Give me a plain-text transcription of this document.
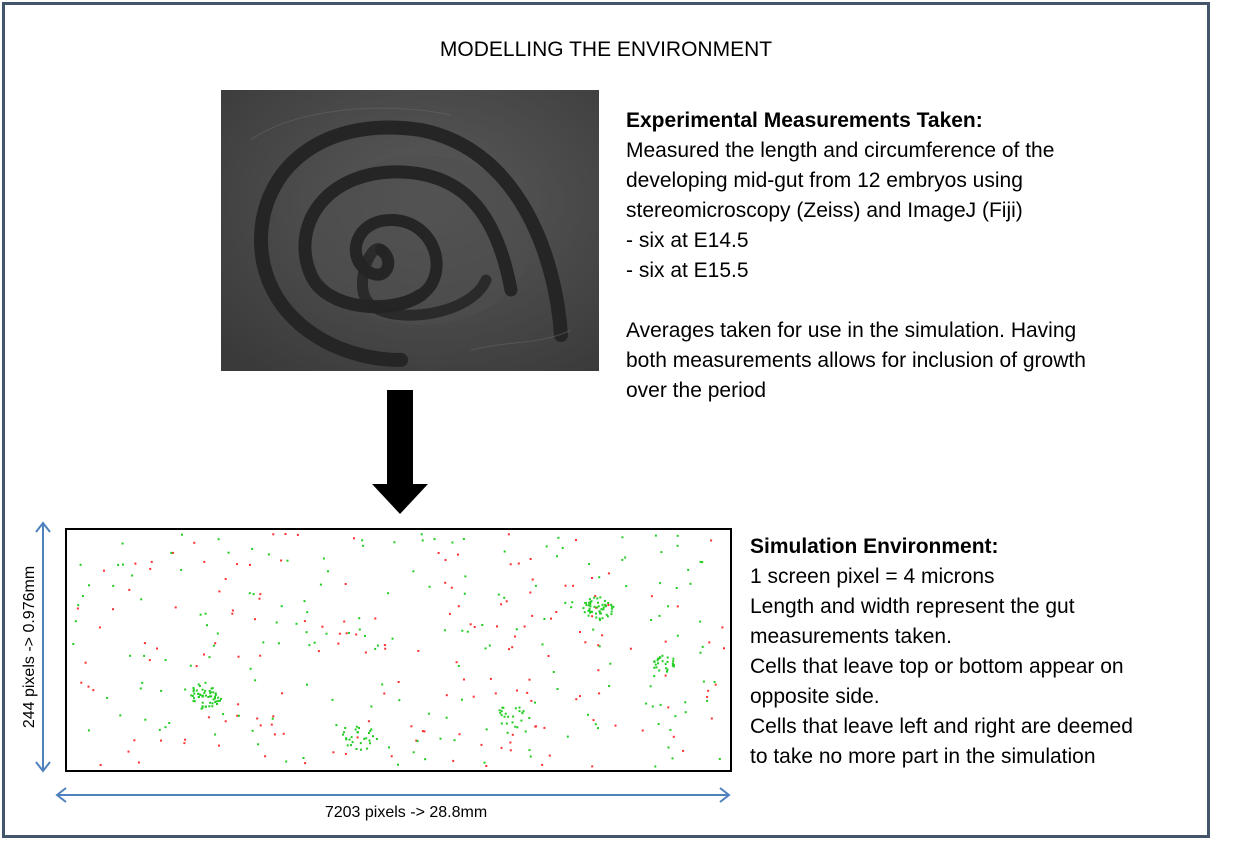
MODELLING THE ENVIRONMENT
Experimental Measurements Taken:
Measured the length and circumference of the
developing mid-gut from 12 embryos using
stereomicroscopy (Zeiss) and ImageJ (Fiji)
- six at E14.5
- six at E15.5

Averages taken for use in the simulation. Having
both measurements allows for inclusion of growth
over the period
244 pixels -> 0.976mm
7203 pixels -> 28.8mm
Simulation Environment:
1 screen pixel = 4 microns
Length and width represent the gut
measurements taken.
Cells that leave top or bottom appear on
opposite side.
Cells that leave left and right are deemed
to take no more part in the simulation
